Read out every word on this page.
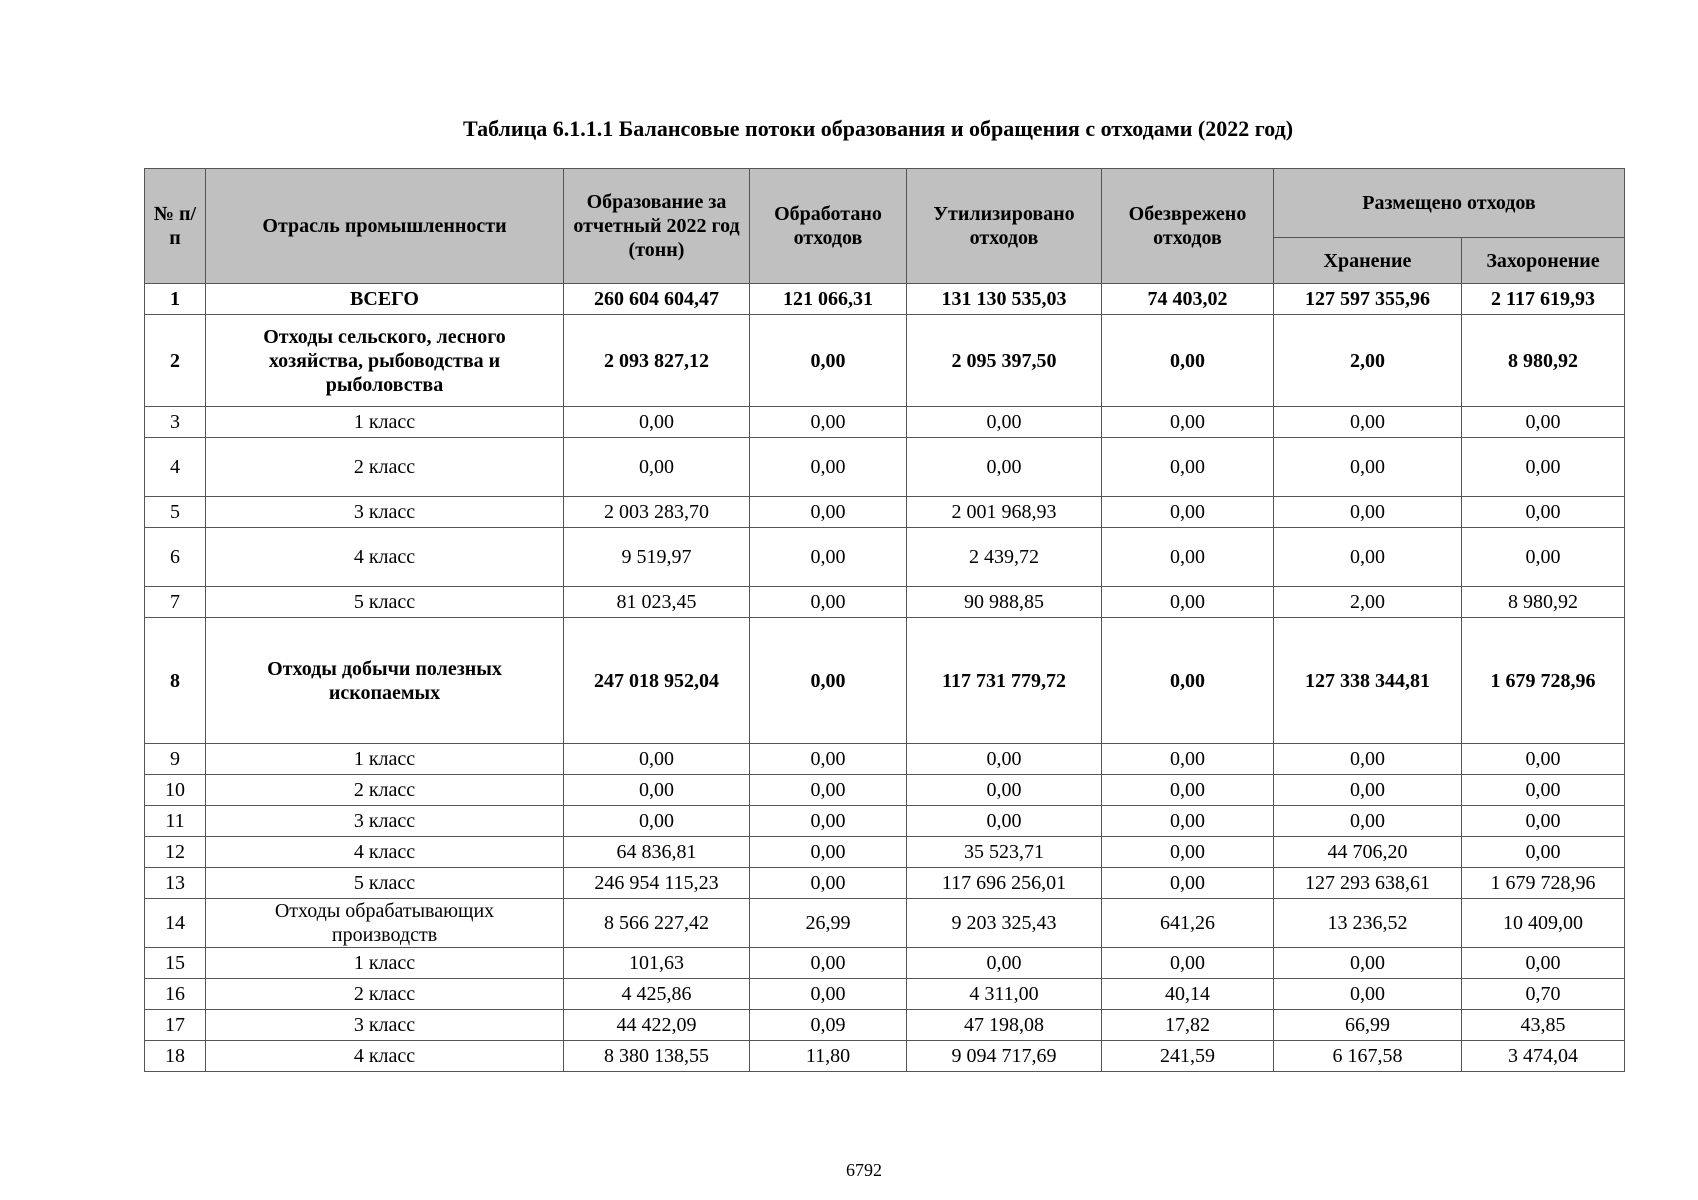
Таблица 6.1.1.1 Балансовые потоки образования и обращения с отходами (2022 год)
№ п/п	Отрасль промышленности	Образование за отчетный 2022 год (тонн)	Обработано отходов	Утилизировано отходов	Обезврежено отходов	Размещено отходов	
						Хранение	Захоронение
1	ВСЕГО	260 604 604,47	121 066,31	131 130 535,03	74 403,02	127 597 355,96	2 117 619,93
2	Отходы сельского, лесного хозяйства, рыбоводства и рыболовства	2 093 827,12	0,00	2 095 397,50	0,00	2,00	8 980,92
3	1 класс	0,00	0,00	0,00	0,00	0,00	0,00
4	2 класс	0,00	0,00	0,00	0,00	0,00	0,00
5	3 класс	2 003 283,70	0,00	2 001 968,93	0,00	0,00	0,00
6	4 класс	9 519,97	0,00	2 439,72	0,00	0,00	0,00
7	5 класс	81 023,45	0,00	90 988,85	0,00	2,00	8 980,92
8	Отходы добычи полезных ископаемых	247 018 952,04	0,00	117 731 779,72	0,00	127 338 344,81	1 679 728,96
9	1 класс	0,00	0,00	0,00	0,00	0,00	0,00
10	2 класс	0,00	0,00	0,00	0,00	0,00	0,00
11	3 класс	0,00	0,00	0,00	0,00	0,00	0,00
12	4 класс	64 836,81	0,00	35 523,71	0,00	44 706,20	0,00
13	5 класс	246 954 115,23	0,00	117 696 256,01	0,00	127 293 638,61	1 679 728,96
14	Отходы обрабатывающих производств	8 566 227,42	26,99	9 203 325,43	641,26	13 236,52	10 409,00
15	1 класс	101,63	0,00	0,00	0,00	0,00	0,00
16	2 класс	4 425,86	0,00	4 311,00	40,14	0,00	0,70
17	3 класс	44 422,09	0,09	47 198,08	17,82	66,99	43,85
18	4 класс	8 380 138,55	11,80	9 094 717,69	241,59	6 167,58	3 474,04
6792
